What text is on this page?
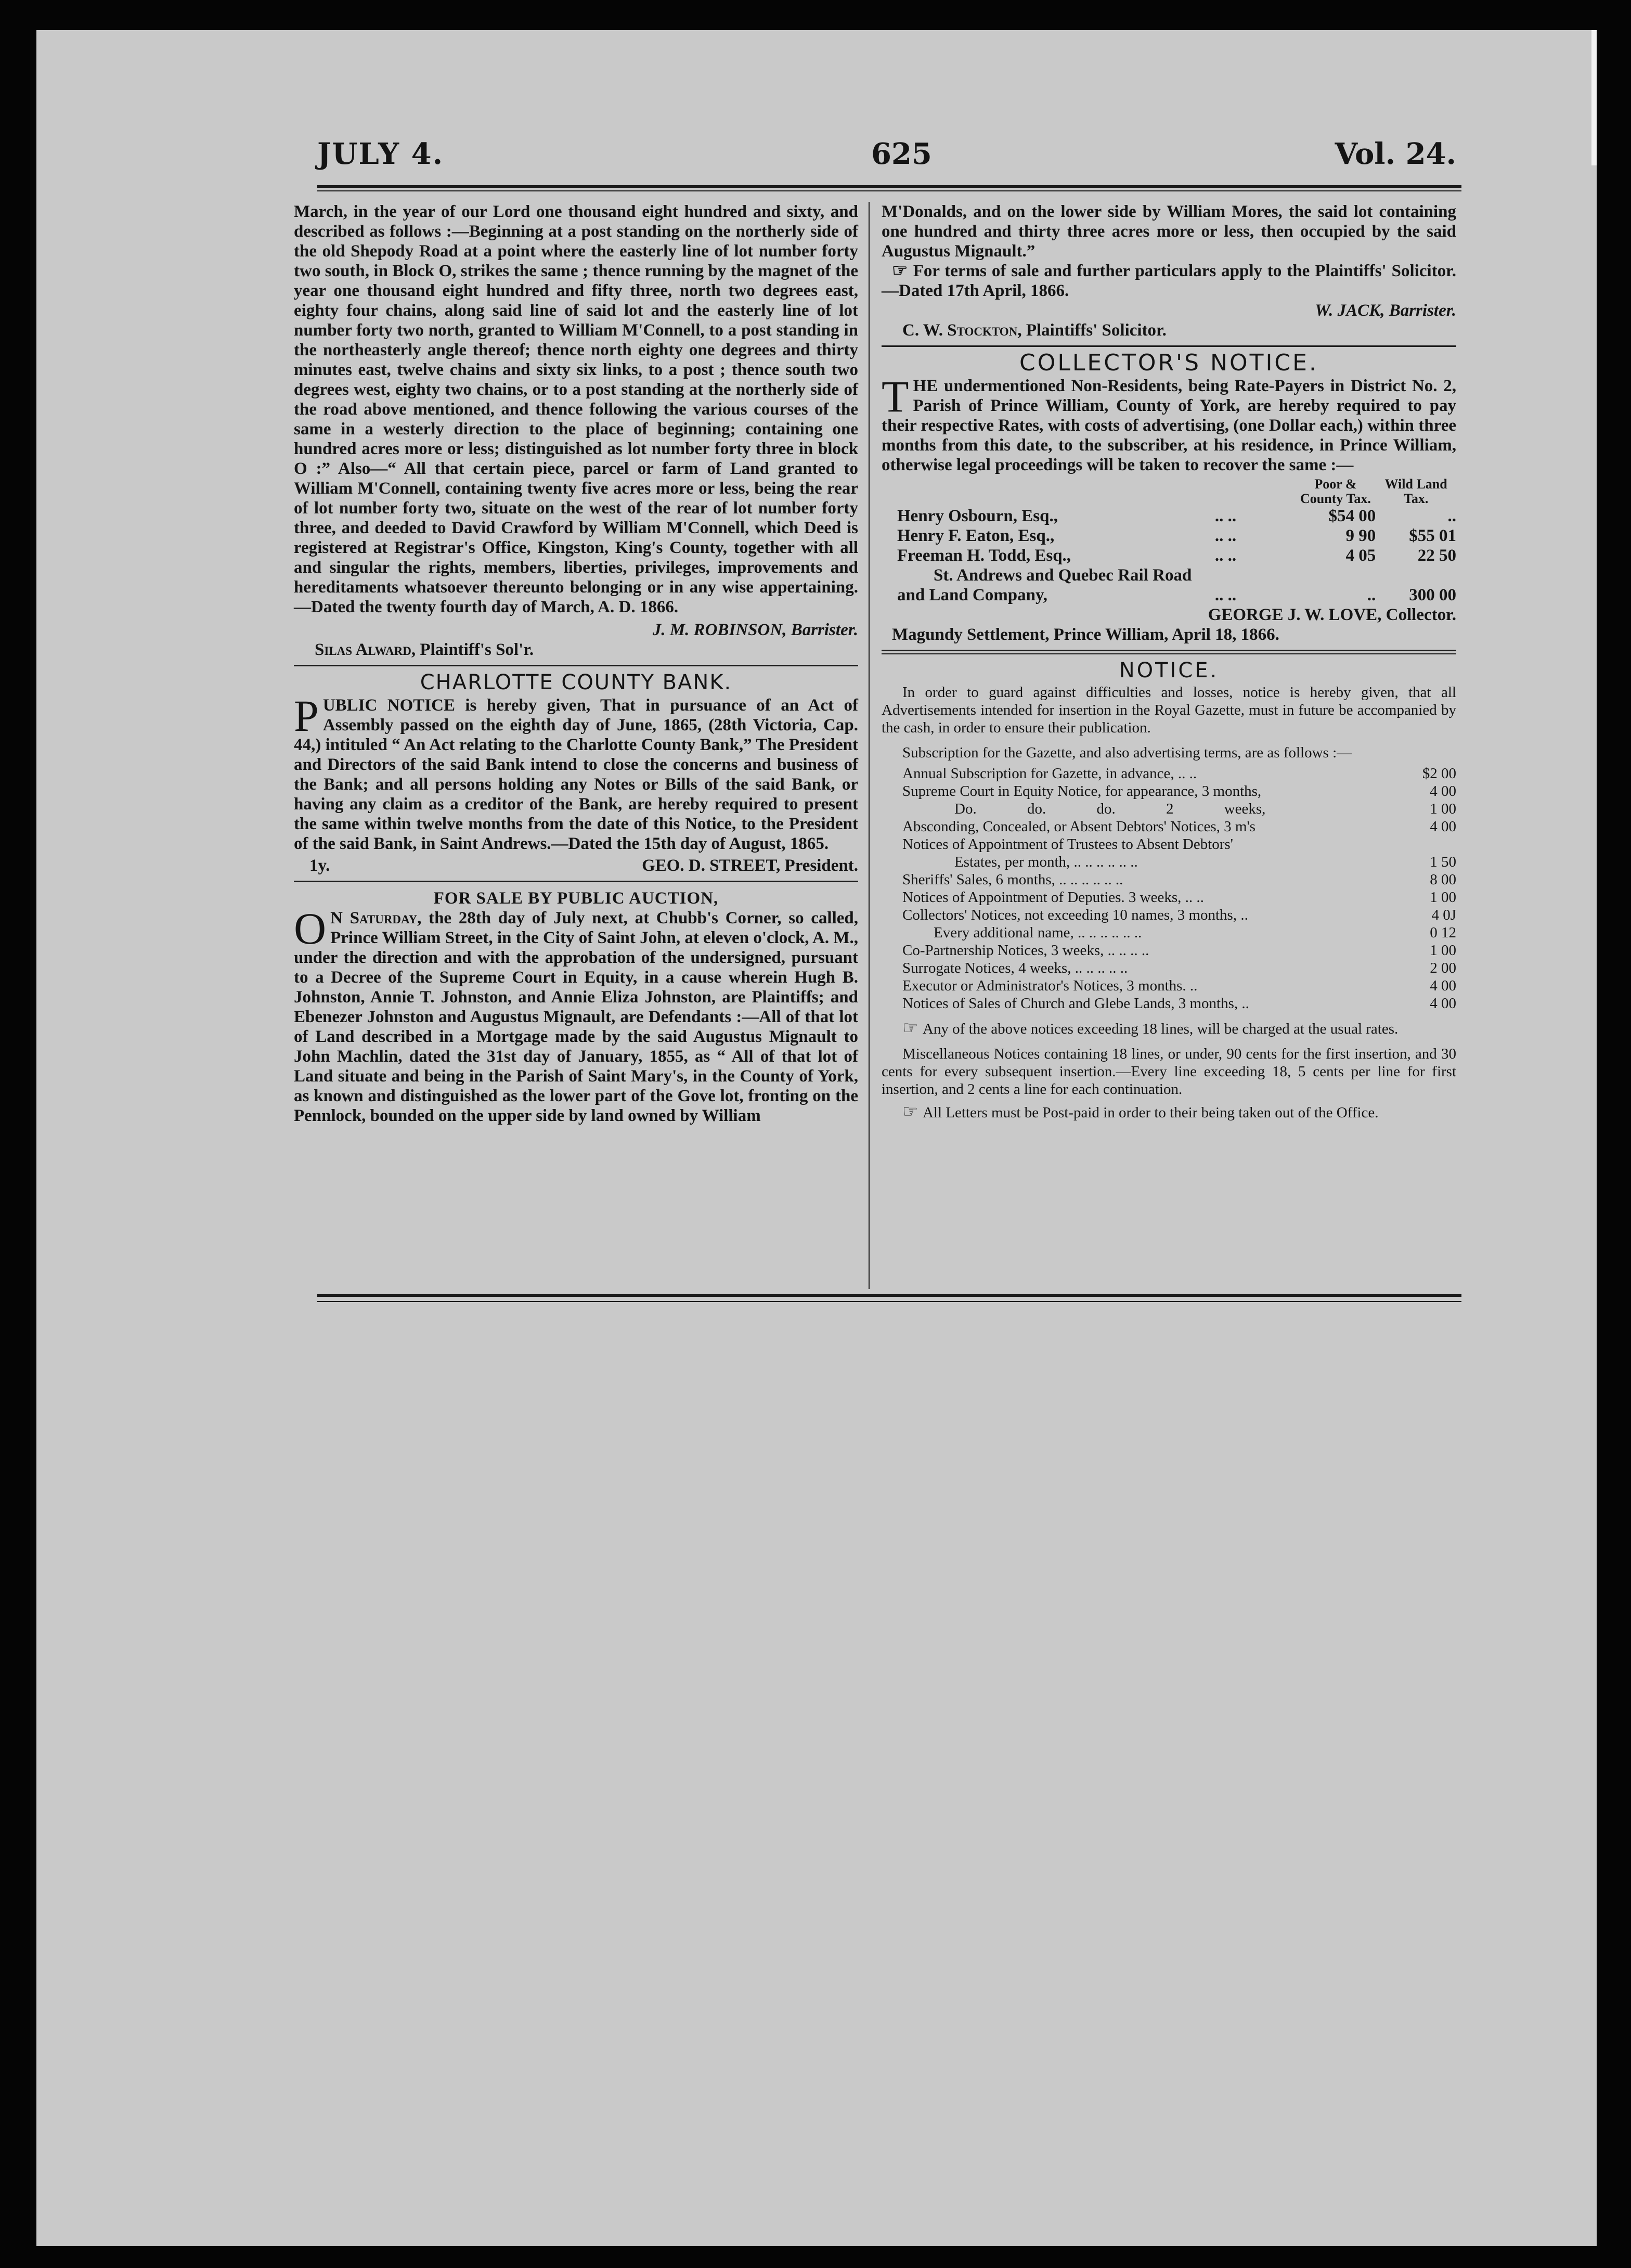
JULY 4.	625	Vol. 24.

March, in the year of our Lord one thousand eight hundred and sixty, and described as follows :—Beginning at a post standing on the northerly side of the old Shepody Road at a point where the easterly line of lot number forty two south, in Block O, strikes the same ; thence running by the magnet of the year one thousand eight hundred and fifty three, north two degrees east, eighty four chains, along said line of said lot and the easterly line of lot number forty two north, granted to William M'Connell, to a post standing in the northeasterly angle thereof; thence north eighty one degrees and thirty minutes east, twelve chains and sixty six links, to a post ; thence south two degrees west, eighty two chains, or to a post standing at the northerly side of the road above mentioned, and thence following the various courses of the same in a westerly direction to the place of beginning; containing one hundred acres more or less; distinguished as lot number forty three in block O :” Also—“ All that certain piece, parcel or farm of Land granted to William M'Connell, containing twenty five acres more or less, being the rear of lot number forty two, situate on the west of the rear of lot number forty three, and deeded to David Crawford by William M'Connell, which Deed is registered at Registrar's Office, Kingston, King's County, together with all and singular the rights, members, liberties, privileges, improvements and hereditaments whatsoever thereunto belonging or in any wise appertaining.—Dated the twenty fourth day of March, A. D. 1866.

J. M. ROBINSON, Barrister.

Silas Alward, Plaintiff's Sol'r.

CHARLOTTE COUNTY BANK.

PUBLIC NOTICE is hereby given, That in pursuance of an Act of Assembly passed on the eighth day of June, 1865, (28th Victoria, Cap. 44,) intituled “ An Act relating to the Charlotte County Bank,” The President and Directors of the said Bank intend to close the concerns and business of the Bank; and all persons holding any Notes or Bills of the said Bank, or having any claim as a creditor of the Bank, are hereby required to present the same within twelve months from the date of this Notice, to the President of the said Bank, in Saint Andrews.—Dated the 15th day of August, 1865.

1y.	GEO. D. STREET, President.

FOR SALE BY PUBLIC AUCTION,

O N Saturday, the 28th day of July next, at Chubb's Corner, so called, Prince William Street, in the City of Saint John, at eleven o'clock, A. M., under the direction and with the approbation of the undersigned, pursuant to a Decree of the Supreme Court in Equity, in a cause wherein Hugh B. Johnston, Annie T. Johnston, and Annie Eliza Johnston, are Plaintiffs; and Ebenezer Johnston and Augustus Mignault, are Defendants :—All of that lot of Land described in a Mortgage made by the said Augustus Mignault to John Machlin, dated the 31st day of January, 1855, as “ All of that lot of Land situate and being in the Parish of Saint Mary's, in the County of York, as known and distinguished as the lower part of the Gove lot, fronting on the Pennlock, bounded on the upper side by land owned by William

M'Donalds, and on the lower side by William Mores, the said lot containing one hundred and thirty three acres more or less, then occupied by the said Augustus Mignault.”

☞ For terms of sale and further particulars apply to the Plaintiffs' Solicitor.—Dated 17th April, 1866.

W. JACK, Barrister.

C. W. Stockton, Plaintiffs' Solicitor.

COLLECTOR'S NOTICE.

THE undermentioned Non-Residents, being Rate-Payers in District No. 2, Parish of Prince William, County of York, are hereby required to pay their respective Rates, with costs of advertising, (one Dollar each,) within three months from this date, to the subscriber, at his residence, in Prince William, otherwise legal proceedings will be taken to recover the same :—

		Poor & County Tax.	Wild Land Tax.
Henry Osbourn, Esq.,	.. ..	$54 00	..
Henry F. Eaton, Esq.,	.. ..	9 90	$55 01
Freeman H. Todd, Esq.,	.. ..	4 05	22 50
St. Andrews and Quebec Rail Road			
and Land Company,	.. ..	..	300 00

GEORGE J. W. LOVE, Collector.

Magundy Settlement, Prince William, April 18, 1866.

NOTICE.

In order to guard against difficulties and losses, notice is hereby given, that all Advertisements intended for insertion in the Royal Gazette, must in future be accompanied by the cash, in order to ensure their publication.

Subscription for the Gazette, and also advertising terms, are as follows :—

Annual Subscription for Gazette, in advance, .. ..	$2 00
Supreme Court in Equity Notice, for appearance, 3 months,	4 00
Do. do. do. 2 weeks,	1 00
Absconding, Concealed, or Absent Debtors' Notices, 3 m's	4 00
Notices of Appointment of Trustees to Absent Debtors'	
Estates, per month, .. .. .. .. .. ..	1 50
Sheriffs' Sales, 6 months, .. .. .. .. .. ..	8 00
Notices of Appointment of Deputies. 3 weeks, .. ..	1 00
Collectors' Notices, not exceeding 10 names, 3 months, ..	4 0J
Every additional name, .. .. .. .. .. ..	0 12
Co-Partnership Notices, 3 weeks, .. .. .. ..	1 00
Surrogate Notices, 4 weeks, .. .. .. .. ..	2 00
Executor or Administrator's Notices, 3 months. ..	4 00
Notices of Sales of Church and Glebe Lands, 3 months, ..	4 00

☞ Any of the above notices exceeding 18 lines, will be charged at the usual rates.

Miscellaneous Notices containing 18 lines, or under, 90 cents for the first insertion, and 30 cents for every subsequent insertion.—Every line exceeding 18, 5 cents per line for first insertion, and 2 cents a line for each continuation.

☞ All Letters must be Post-paid in order to their being taken out of the Office.
